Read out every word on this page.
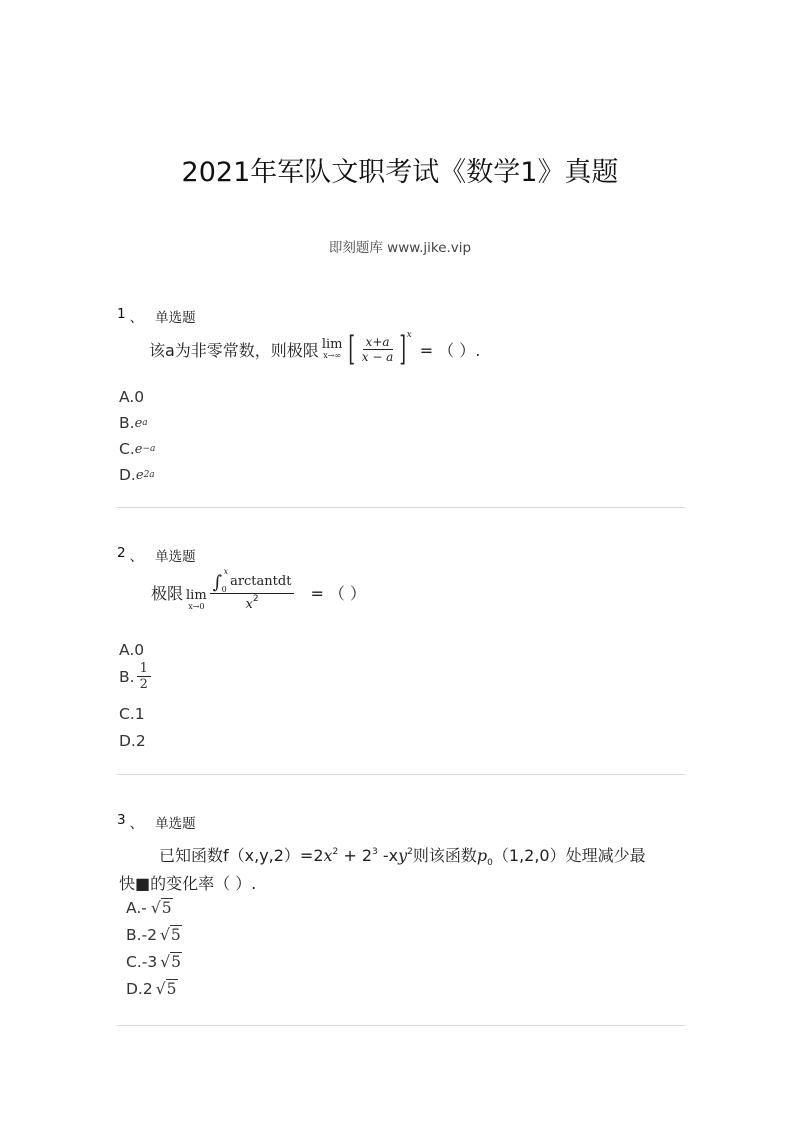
2021年军队文职考试《数学1》真题
即刻题库 www.jike.vip
1 、 单选题
该a为非零常数，则极限 lim
x→∞ [ $\frac{x+a}{x - a}$ ] x
= （ ）.
A. 0
B. e a
C. e −a
D. e 2a
2 、 单选题
极限 lim
x→0 ∫ 0
x
arctantdt
$x^2$ = （ ）
A. 0
B. $\frac{1}{2}$
C. 1
D. 2
3 、 单选题
已知函数$f(x,y,2)=2x^2 + 2^3$ $-xy^2$则该函数$p_0(1,2,0)$处理减少最
快■的变化率（ ）.
A. - √5
B. -2 √5
C. -3 √5
D. 2 √5
